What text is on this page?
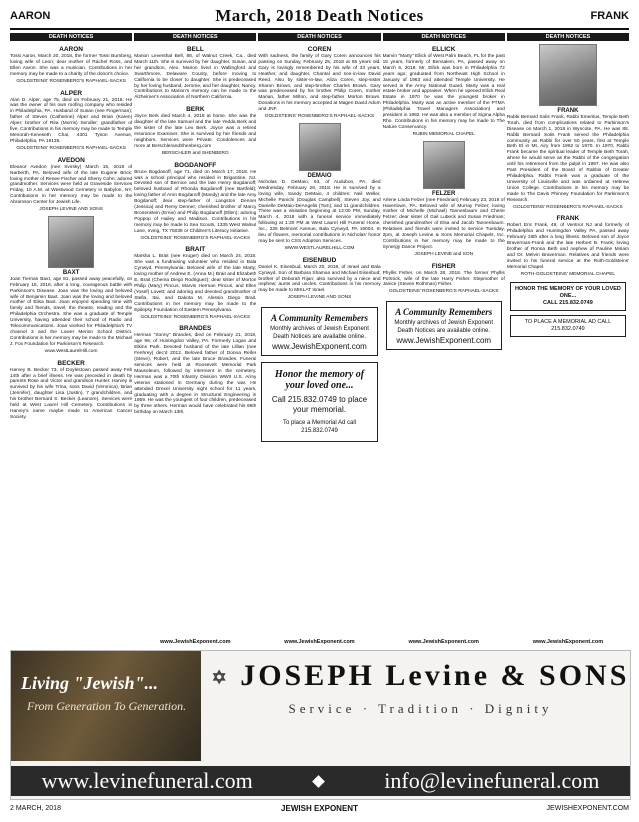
AARON	March, 2018 Death Notices	FRANK
DEATH NOTICES
AARON

Tossi Aaron, March 20, 2018, the former Tossi Burnberg, loving wife of Leon; dear mother of Rachel Ross, and Ellen Aaron. She was a musician. Contributions in her memory may be made to a charity of the donor's choice.

GOLDSTEINS' ROSENBERG'S RAPHAEL-SACKS
ALPER

Alan D. Alper, age 75, died on February 21, 2018. He was the owner of his own roofing company who resided in Philadelphia, PA. Husband of Susan (nee Fingerman); father of Steven (Catherine) Alper and Brian (Karen) Alper; brother of Rita (Morris) Sendler; grandfather of five. Contributions in his memory may be made to Temple Menorah-Keneseth Chai, 4301 Tyson Avenue, Philadelphia, PA 19135.

GOLDSTEINS' ROSENBERG'S RAPHAEL-SACKS
AVEDON

Eleanor Avedon (nee Svirsky) March 15, 2018 of Narberth, PA. Beloved wife of the late Eugene Brick; loving mother of Renee Fischer and Sherry Cohn; adored grandmother. Services were held at Graveside Services Friday, 10 A.M. at Westwood Cemetery in Babylon, NY. Contributions in her memory may be made to the Abramson Center for Jewish Life.

JOSEPH LEVINE AND SONS
BAXT

Joan Tiernan Baxt, age 81, passed away peacefully, on February 15, 2018, after a long, courageous battle with Parkinson's Disease. Joan was the loving and beloved wife of Benjamin Baxt. Joan was the loving and beloved mother of Elisa Baxt. Joan enjoyed spending time with family and friends, travel, the theatre, reading and the Philadelphia Orchestra. She was a graduate of Temple University, having attended their school of Radio and Telecommunications. Joan worked for Philadelphia's TV channel 3 and the Lower Merion School District. Contributions in her memory may be made to the Michael J. Fox Foundation for Parkinson's Research.

www.WestLaurelHill.com
BECKER

Harvey B. Becker 73, of Doylestown passed away Feb 14th after a brief illness. He was preceded in death by parents Rose and Victor and grandson Hunter. Harvey is survived by his wife Trina, sons David (Veronica), Brian (Jennifer), daughter Lisa (Justin), 7 grandchildren, and his brother Bernard S. Becker (Leanore). Services were held at West Laurel Hill Cemetery. Contributions in Harvey's name maybe made to American Cancer Society.

DEATH NOTICES
BELL

Marion Leventhal Bell, 88, of Walnut Creek, Ca., died March 11th. She is survived by her daughter, Susan, and her grandson, Alex. Marion lived in Wallingford and Swarthmore, Delaware County, before moving to California to be closer to daughter. She is predeceased by her loving husband, Jerome, and her daughter, Nancy. Contributions to Marion's memory can be made to the Alzheimer's Association of Northern California.

BERK

Joyce Berk died March 4, 2018 at home. She was the daughter of the late Samuel and the late Yedda Berk and the sister of the late Leo Berk. Joyce was a retired Insurance Examiner. She is survived by her friends and neighbors. Services were Private. Condolences and more at BerschlerandShenberg.com

BERSCHLER and SHENBERG
BOGDANOFF

Bruce Bogdanoff, age 71, died on March 17, 2018. He was a school principal who resided in Brigantine, NJ. Devoted son of Bernice and the late Henry Bogdanoff; beloved husband of Rhonda Bogdanoff (nee Bartfeld); loving father of Aron Bogdanoff (Mandy) and the late Amy Bogdanoff; dear step-father of Langston Denner (Jessica) and Remy Denner; cherished brother of Marcy Bronenstein (Ernie) and Philip Bogdanoff (Ellen); adoring Poppop of Hailey and Madison. Contributions in his memory may be made to Sea Scouts, 1335 West Walnut Lane, Irving, TX 75038 or Children's Literacy Initiative.

GOLDSTEINS' ROSENBERG'S RAPHAEL-SACKS
BRAIT

Marsha L. Brait (nee Kruger) died on March 24, 2018. She was a fundraising volunteer who resided in Bala Cynwyd, Pennsylvania. Beloved wife of the late Marty; loving mother of Andrew E. (Anna M.) Brait and Elizabeth E. Brait (Chema Diego Rodriguez); dear sister of Morton Philip (Mary) Pincus, Marvin Herman Pincus, and Ellen (Yosef) Lovett; and adoring and devoted grandmother of Stella, Itai, and Dakota M. Alessio Diego Brait. Contributions in her memory may be made to the Epilepsy Foundation of Eastern Pennsylvania.

GOLDSTEINS' ROSENBERG'S RAPHAEL-SACKS
BRANDES

Herman "Sonny" Brandes, died on February 21, 2018, age 96, of Huntingdon Valley, PA. Formerly Logan and Elkins Park. Devoted husband of the late Lillian (nee Fenhrey) dec'd 2012. Beloved father of Donna Reifer (Steve), Robert, and the late Bruce Brandes. Funeral services were held at Roosevelt Memorial Park Mausoleum, followed by interment in the cemetery. Herman was a 70th Infantry Division WWII U.S. Army veteran stationed in Germany during the war. He attended Drexel University night school for 11 years, graduating with a degree in Structural Engineering in 1959. He was the youngest of four children, predeceased by three others. Herman would have celebrated his 96th birthday on March 13th.

www.JewishExponent.com
DEATH NOTICES
COREN

With sadness, the family of Gary Coren announces his passing on Sunday, February 25, 2018 at 65 years old. Gary is lovingly remembered by his wife of 33 years, Heather, and daughter, Chantal and son-in-law David Reed. Also by sister-in-law, Aliza Coren, step-sister Sharon Brown, and step-brother Charles Brown. Gary was predeceased by his brother Philip Coren, mother Marian, father Milton, and step-father Morton Brown. Donations in his memory accepted at Magen David Adom and JNF.

GOLDSTEINS' ROSENBERG'S RAPHAEL-SACKS
DEMAIO

Nicholas D. DeMaio, 63, of Audubon, PA, died Wednesday, February 28, 2018. He is survived by a loving wife, Sandy DeMaio, 4 children: Neil Weller, Michelle Panichi (Douglas Campbell), Steven Joy, and Danielle DeMaio-DeAngelis (Tom); and 11 grandchildren. There was a visitation beginning at 12:00 PM, Sunday, March 4, 2018 with a funeral service immediately following at 1:30 PM at West Laurel Hill Funeral Home, Inc., 225 Belmont Avenue, Bala Cynwyd, PA 19004. In lieu of flowers, memorial contributions in Nicholas' honor may be sent to CSS Adoption Services.

WWW.WESTLAURELHILL.COM
EISENBUD

Daniel K. Eisenbud, March 20, 2018, of Israel and Bala Cynwyd. Son of Barbara Shaman and Michael Eisenbud; brother of Deborah Rijan; also survived by a niece and nephew; aunts and uncles. Contributions in his memory may be made to MIKLAT Israel.

JOSEPH LEVINE AND SONS
A Community Remembers
Monthly archives of Jewish Exponent Death Notices are available online.
www.JewishExponent.com
Honor the memory of your loved one...
Call 215.832.0749 to place your memorial.
To place a Memorial Ad call 215.832.0749
www.JewishExponent.com
DEATH NOTICES
ELLICK

Marvin "Marty" Ellick of West Palm Beach, FL for the past 15 years, formerly of Bensalem, PA, passed away on March 6, 2018. Mr. Ellick was born in Philadelphia 72 years ago; graduated from Northeast High School in January of 1963 and attended Temple University. He served in the Army National Guard. Marty was a real estate broker and appraiser. When he opened Ellick Real Estate in 1970 he was the youngest broker in Philadelphia. Marty was an active member of the PTMA (Philadelphia Travel Managers Association) and president in 1982. He was also a member of Sigma Alpha Rho. Contributions in his memory may be made to The Nature Conservancy.

RUBIN MEMORIAL CHAPEL
FELZER

Arlene Linda Felzer (nee Friedman) February 23, 2018 of Havertown, PA. Beloved wife of Murray Felzer; loving mother of Michelle (Michael) Tannenbaum and Cherie Felzer; dear sister of Gail Lubeck and Susan Friedman; cherished grandmother of Elsa and Jacob Tannenbaum. Relatives and friends were invited to service Tuesday, 2pm, at Joseph Levine & Sons Memorial Chapels, Inc. Contributions in her memory may be made to the Synergy Dance Project.

JOSEPH LEVINE and SON
FISHER

Phyllis Fisher, on March 28, 2018. The former Phyllis Portnick, wife of the late Harry Fisher. Stepmother of Janice (Steven Rothman) Fisher.

GOLDSTEINS' ROSENBERG'S RAPHAEL-SACKS
A Community Remembers
Monthly archives of Jewish Exponent Death Notices are available online.
www.JewishExponent.com
www.JewishExponent.com
DEATH NOTICES
FRANK

Rabbi Bernard Solis Frank, Rabbi Emeritus, Temple Beth Torah, died from complications related to Parkinson's Disease on March 1, 2018 in Wyncote, PA. He was 85. Rabbi Bernard Solis Frank served the Philadelphia community as Rabbi for over 50 years, first at Temple Beth El in Mt. Airy from 1962 to 1970. In 1970, Rabbi Frank became the spiritual leader of Temple Beth Torah, where he would serve as the Rabbi of the congregation until his retirement from the pulpit in 1997. He was also Past President of the Board of Rabbis of Greater Philadelphia. Rabbi Frank was a graduate of the University of Louisville and was ordained at Hebrew Union College. Contributions in his memory may be made to The Davis Phinney Foundation for Parkinson's Research.

GOLDSTEINS' ROSENBERG'S RAPHAEL-SACKS
FRANK

Robert Eric Frank, 49, of Ventnor NJ and formerly of Philadelphia and Huntingdon Valley PA, passed away February 16th after a long illness. Beloved son of Joyce Braverman-Frank and the late Herbert B. Frank; loving brother of Ronna Beth and nephew of Pauline Miriam and Dr. Melvin Braverman. Relatives and friends were invited to his funeral service at the Roth-Goldsteins' Memorial Chapel.

ROTH-GOLDSTEINS' MEMORIAL CHAPEL
HONOR THE MEMORY OF YOUR LOVED ONE...
CALL 215.832.0749
TO PLACE A MEMORIAL AD CALL 215.832.0749
www.JewishExponent.com
Living "Jewish"...
From Generation To Generation.
✡ JOSEPH Levine & SONS
Service · Tradition · Dignity
www.levinefuneral.com	info@levinefuneral.com
2 MARCH, 2018	JEWISH EXPONENT	JEWISHEXPONENT.COM
